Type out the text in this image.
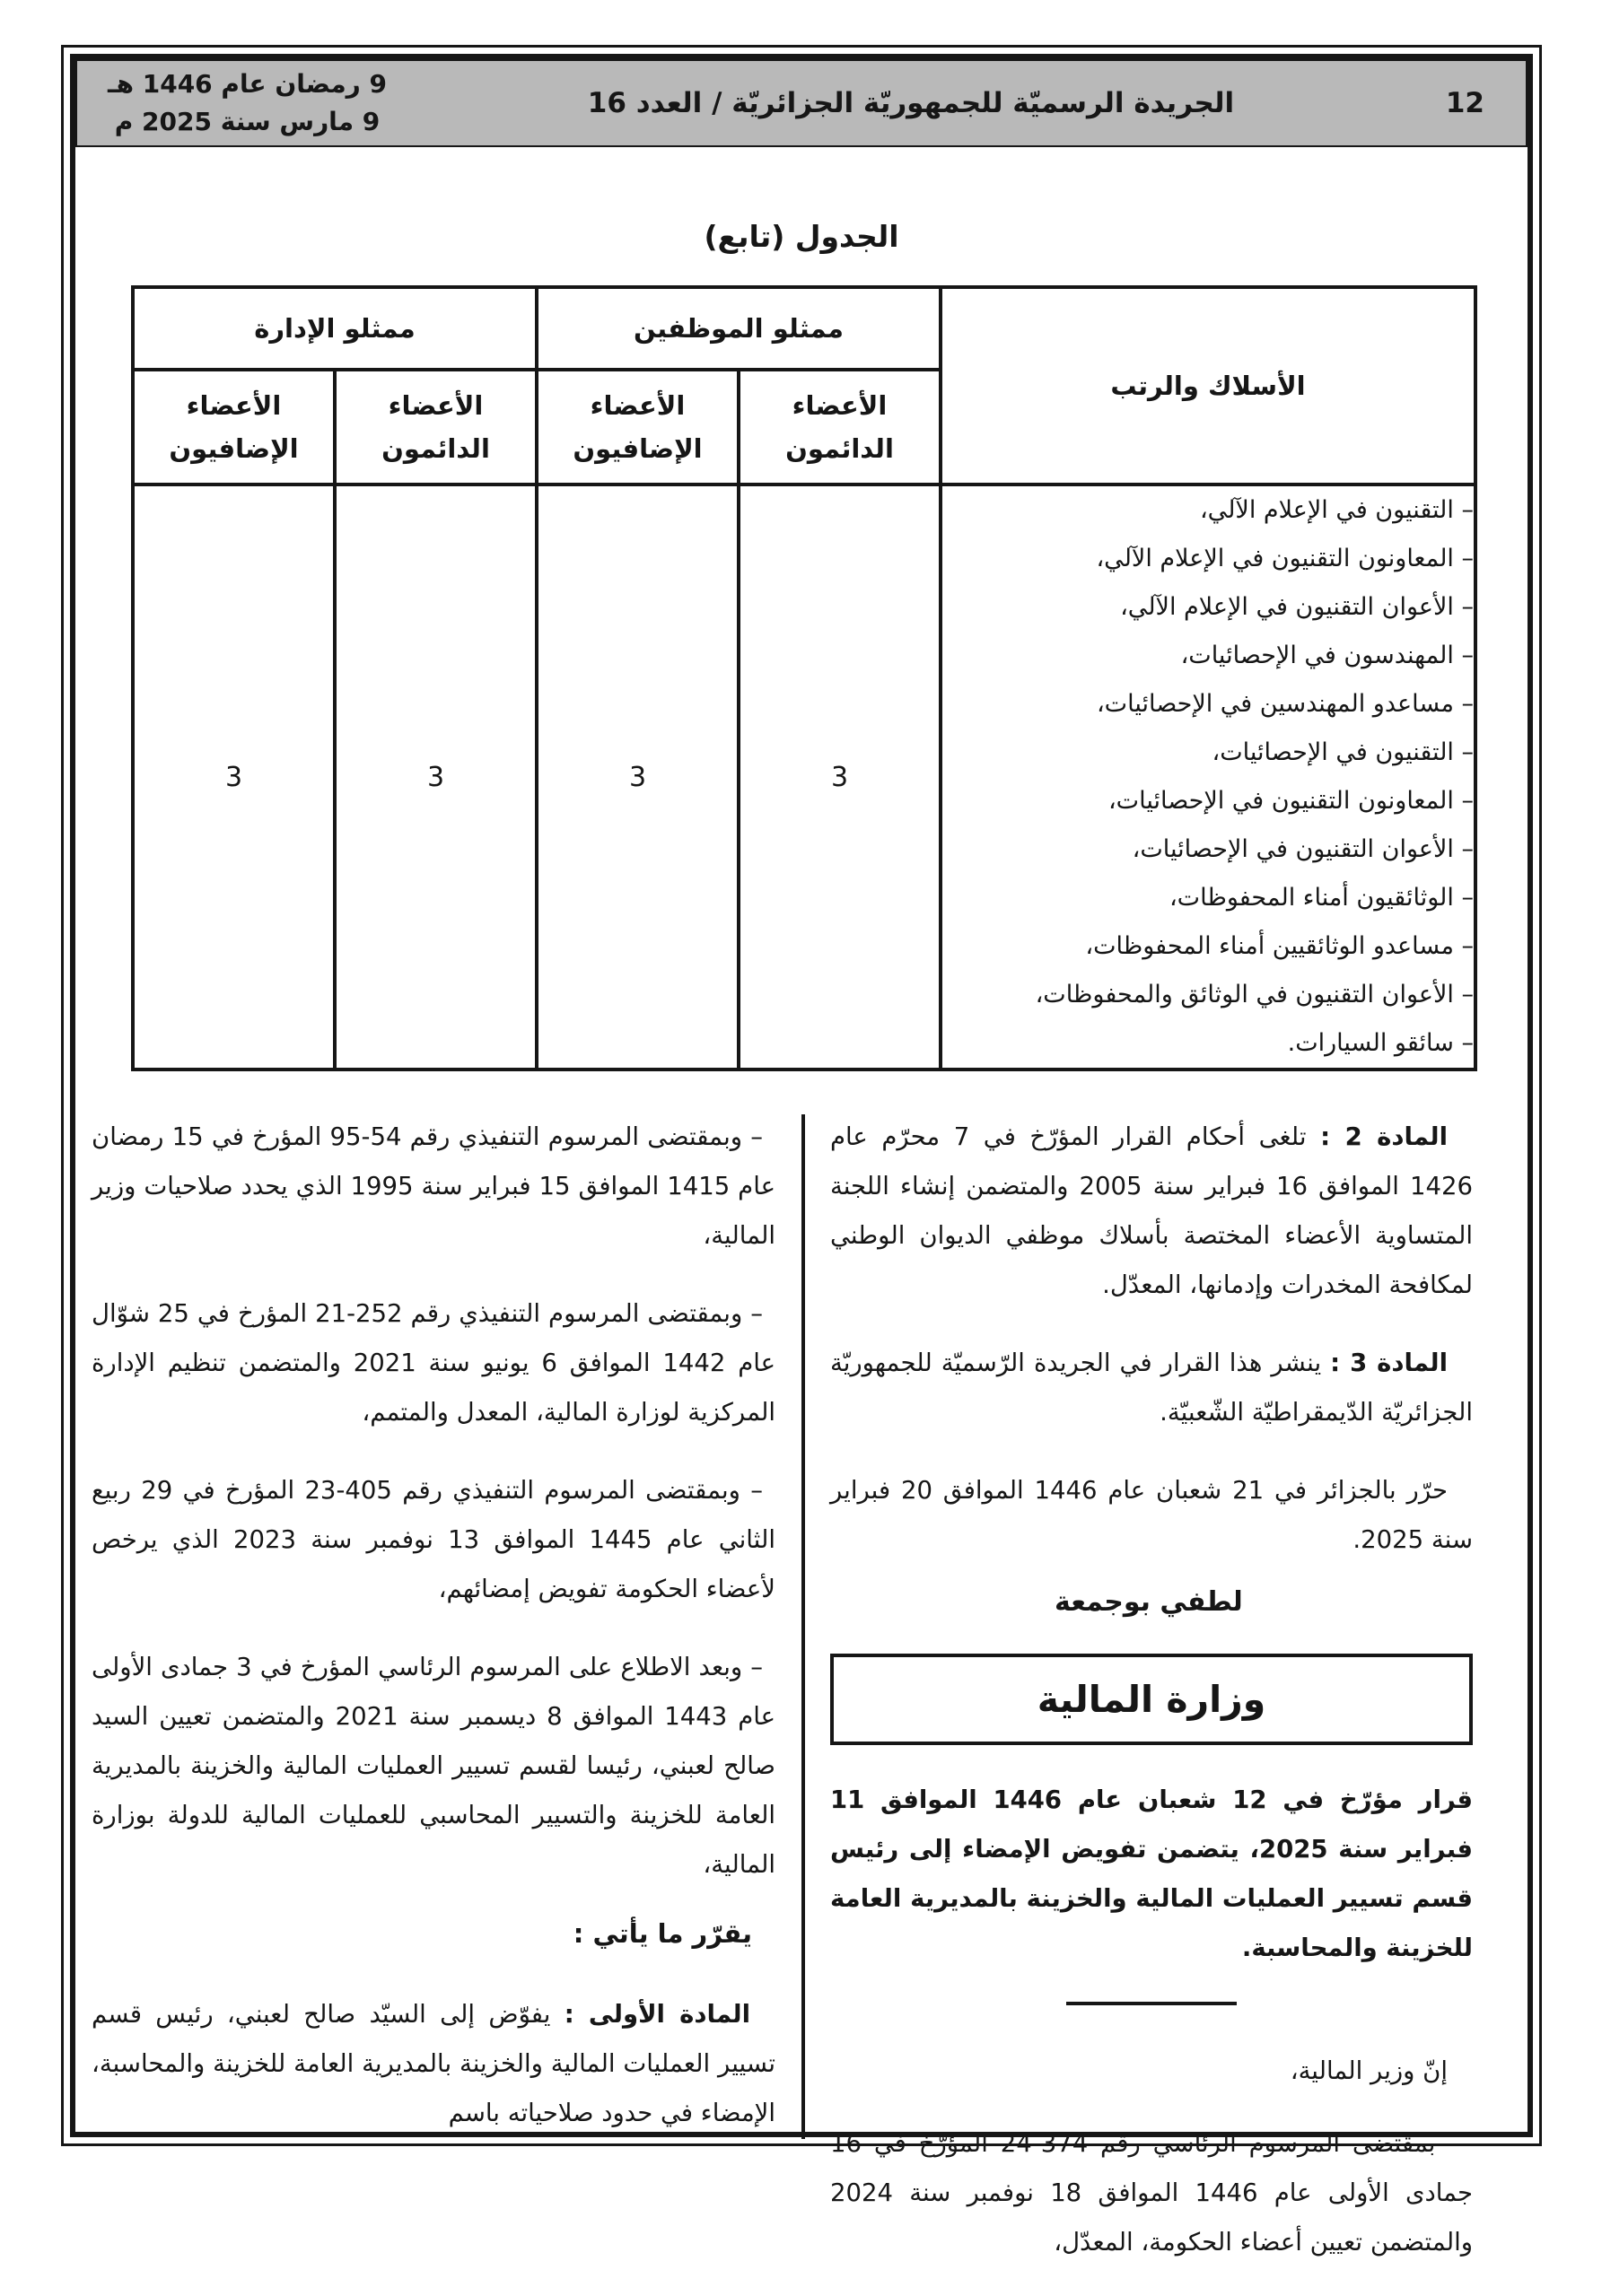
12
الجريدة الرسميّة للجمهوريّة الجزائريّة / العدد 16
9 رمضان عام 1446 هـ
9 مارس سنة 2025 م
الجدول (تابع)
الأسلاك والرتب	ممثلو الموظفين		ممثلو الإدارة	
	الأعضاء الدائمون	الأعضاء الإضافيون	الأعضاء الدائمون	الأعضاء الإضافيون

– التقنيون في الإعلام الآلي،
– المعاونون التقنيون في الإعلام الآلي،
– الأعوان التقنيون في الإعلام الآلي،
– المهندسون في الإحصائيات،
– مساعدو المهندسين في الإحصائيات،
– التقنيون في الإحصائيات،
– المعاونون التقنيون في الإحصائيات،
– الأعوان التقنيون في الإحصائيات،
– الوثائقيون أمناء المحفوظات،
– مساعدو الوثائقيين أمناء المحفوظات،
– الأعوان التقنيون في الوثائق والمحفوظات،
– سائقو السيارات.
	3	3	3	3

المادة 2 : تلغى أحكام القرار المؤرّخ في 7 محرّم عام 1426 الموافق 16 فبراير سنة 2005 والمتضمن إنشاء اللجنة المتساوية الأعضاء المختصة بأسلاك موظفي الديوان الوطني لمكافحة المخدرات وإدمانها، المعدّل.

المادة 3 : ينشر هذا القرار في الجريدة الرّسميّة للجمهوريّة الجزائريّة الدّيمقراطيّة الشّعبيّة.

حرّر بالجزائر في 21 شعبان عام 1446 الموافق 20 فبراير سنة 2025.

لطفي بوجمعة
وزارة المالية

قرار مؤرّخ في 12 شعبان عام 1446 الموافق 11 فبراير سنة 2025، يتضمن تفويض الإمضاء إلى رئيس قسم تسيير العمليات المالية والخزينة بالمديرية العامة للخزينة والمحاسبة.

إنّ وزير المالية،

– بمقتضى المرسوم الرئاسي رقم 374-24 المؤرّخ في 16 جمادى الأولى عام 1446 الموافق 18 نوفمبر سنة 2024 والمتضمن تعيين أعضاء الحكومة، المعدّل،

– وبمقتضى المرسوم التنفيذي رقم 54-95 المؤرخ في 15 رمضان عام 1415 الموافق 15 فبراير سنة 1995 الذي يحدد صلاحيات وزير المالية،

– وبمقتضى المرسوم التنفيذي رقم 252-21 المؤرخ في 25 شوّال عام 1442 الموافق 6 يونيو سنة 2021 والمتضمن تنظيم الإدارة المركزية لوزارة المالية، المعدل والمتمم،

– وبمقتضى المرسوم التنفيذي رقم 405-23 المؤرخ في 29 ربيع الثاني عام 1445 الموافق 13 نوفمبر سنة 2023 الذي يرخص لأعضاء الحكومة تفويض إمضائهم،

– وبعد الاطلاع على المرسوم الرئاسي المؤرخ في 3 جمادى الأولى عام 1443 الموافق 8 ديسمبر سنة 2021 والمتضمن تعيين السيد صالح لعبني، رئيسا لقسم تسيير العمليات المالية والخزينة بالمديرية العامة للخزينة والتسيير المحاسبي للعمليات المالية للدولة بوزارة المالية،

يقرّر ما يأتي :

المادة الأولى : يفوّض إلى السيّد صالح لعبني، رئيس قسم تسيير العمليات المالية والخزينة بالمديرية العامة للخزينة والمحاسبة، الإمضاء في حدود صلاحياته باسم
